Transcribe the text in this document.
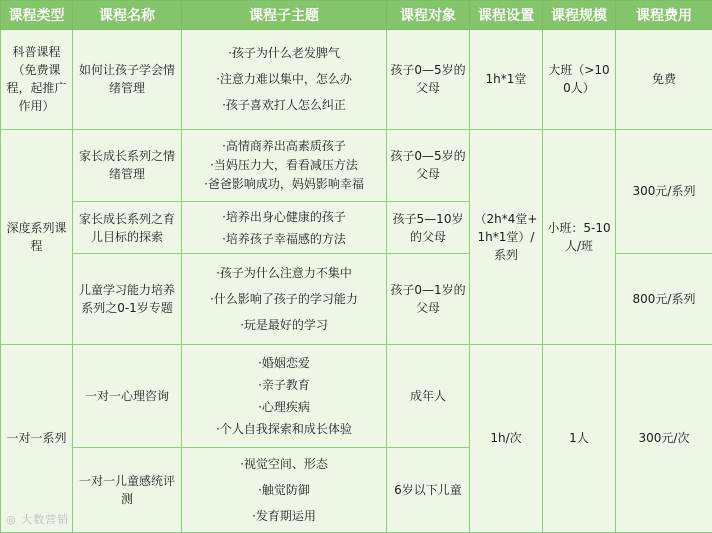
课程类型	课程名称	课程子主题	课程对象	课程设置	课程规模	课程费用
科普课程（免费课程，起推广作用）	如何让孩子学会情绪管理	·孩子为什么老发脾气
·注意力难以集中，怎么办
·孩子喜欢打人怎么纠正	孩子0—5岁的父母	1h*1堂	大班（>100人）	免费
深度系列课程	家长成长系列之情绪管理	·高情商养出高素质孩子
·当妈压力大，看看减压方法
·爸爸影响成功，妈妈影响幸福	孩子0—5岁的父母	（2h*4堂+1h*1堂）/系列	小班：5-10人/班	300元/系列
	家长成长系列之育儿目标的探索	·培养出身心健康的孩子
·培养孩子幸福感的方法	孩子5—10岁的父母			
	儿童学习能力培养系列之0-1岁专题	·孩子为什么注意力不集中
·什么影响了孩子的学习能力
·玩是最好的学习	孩子0—1岁的父母			800元/系列
一对一系列	一对一心理咨询	·婚姻恋爱
·亲子教育
·心理疾病
·个人自我探索和成长体验	成年人	1h/次	1人	300元/次
	一对一儿童感统评测	·视觉空间、形态
·触觉防御
·发育期运用	6岁以下儿童			
◎ 大数营销
